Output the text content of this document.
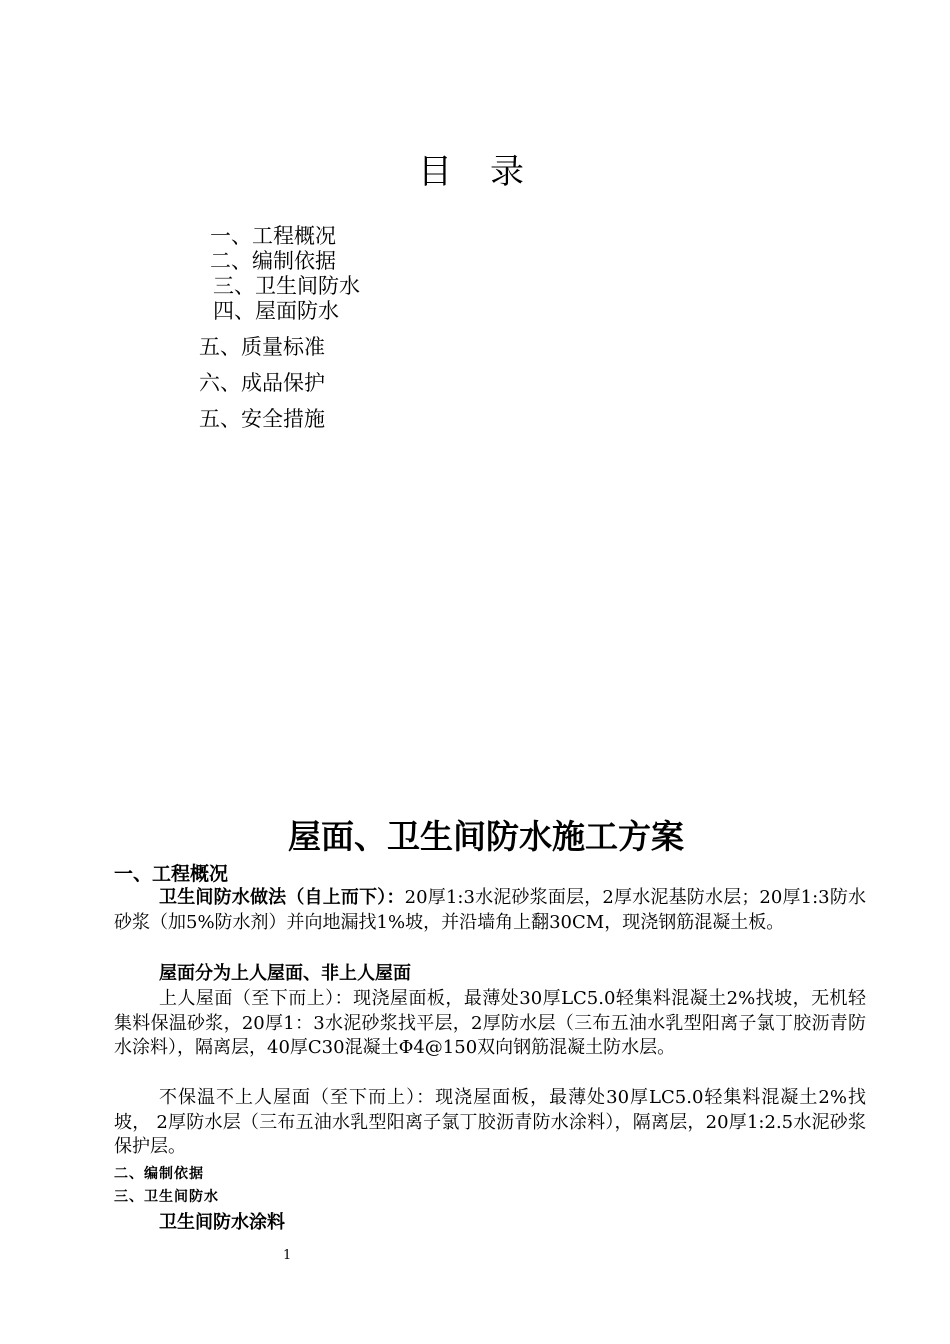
目录
一、工程概况
二、编制依据
三、卫生间防水
四、屋面防水
五、质量标准
六、成品保护
五、安全措施
屋面、卫生间防水施工方案
一、工程概况
卫生间防水做法（自上而下）：20厚1:3水泥砂浆面层，2厚水泥基防水层；20厚1:3防水砂浆（加5%防水剂）并向地漏找1%坡，并沿墙角上翻30CM，现浇钢筋混凝土板。
屋面分为上人屋面、非上人屋面
上人屋面（至下而上）：现浇屋面板，最薄处30厚LC5.0轻集料混凝土2%找坡，无机轻集料保温砂浆，20厚1：3水泥砂浆找平层，2厚防水层（三布五油水乳型阳离子氯丁胶沥青防水涂料），隔离层，40厚C30混凝土Φ4@150双向钢筋混凝土防水层。
不保温不上人屋面（至下而上）：现浇屋面板，最薄处30厚LC5.0轻集料混凝土2%找坡， 2厚防水层（三布五油水乳型阳离子氯丁胶沥青防水涂料），隔离层，20厚1:2.5水泥砂浆保护层。
二、编制依据
三、卫生间防水
卫生间防水涂料
1
